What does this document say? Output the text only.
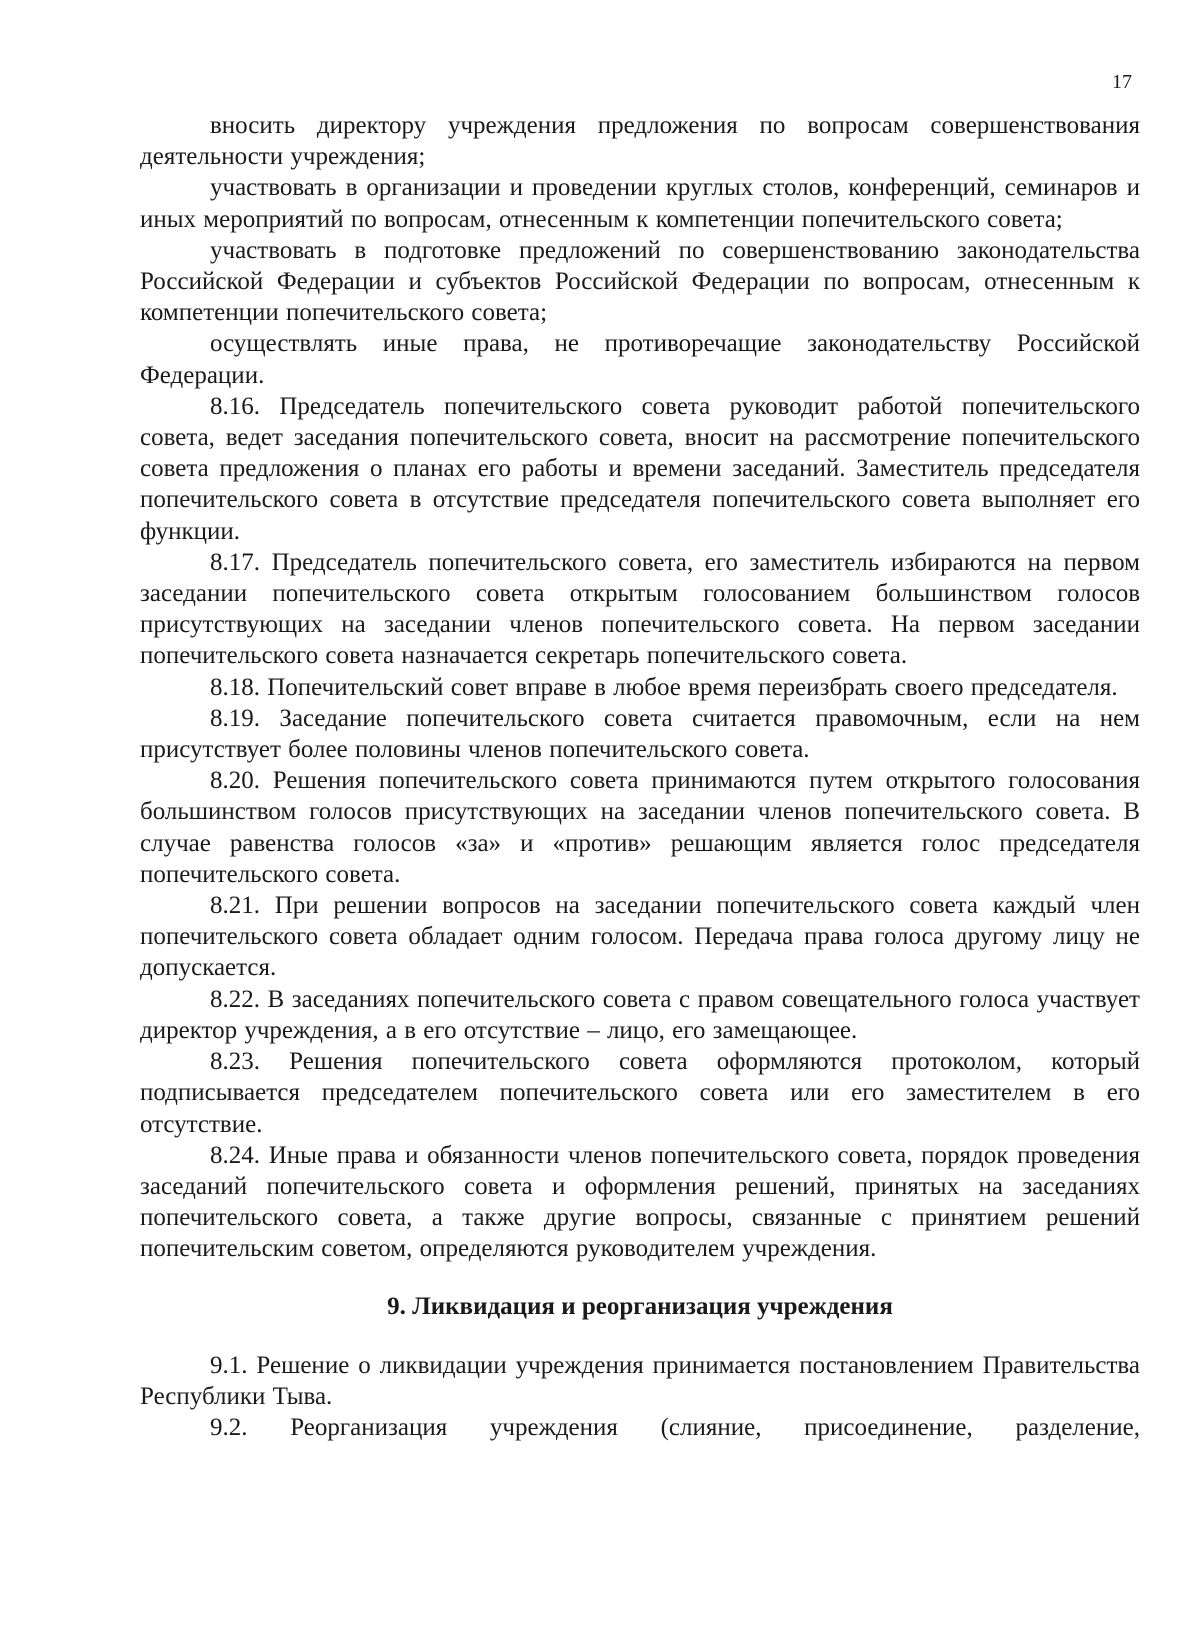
17

вносить директору учреждения предложения по вопросам совершенствования деятельности учреждения;

участвовать в организации и проведении круглых столов, конференций, семинаров и иных мероприятий по вопросам, отнесенным к компетенции попечительского совета;

участвовать в подготовке предложений по совершенствованию законодательства Российской Федерации и субъектов Российской Федерации по вопросам, отнесенным к компетенции попечительского совета;

осуществлять иные права, не противоречащие законодательству Российской Федерации.

8.16. Председатель попечительского совета руководит работой попечительского совета, ведет заседания попечительского совета, вносит на рассмотрение попечительского совета предложения о планах его работы и времени заседаний. Заместитель председателя попечительского совета в отсутствие председателя попечительского совета выполняет его функции.

8.17. Председатель попечительского совета, его заместитель избираются на первом заседании попечительского совета открытым голосованием большинством голосов присутствующих на заседании членов попечительского совета. На первом заседании попечительского совета назначается секретарь попечительского совета.

8.18. Попечительский совет вправе в любое время переизбрать своего председателя.

8.19. Заседание попечительского совета считается правомочным, если на нем присутствует более половины членов попечительского совета.

8.20. Решения попечительского совета принимаются путем открытого голосования большинством голосов присутствующих на заседании членов попечительского совета. В случае равенства голосов «за» и «против» решающим является голос председателя попечительского совета.

8.21. При решении вопросов на заседании попечительского совета каждый член попечительского совета обладает одним голосом. Передача права голоса другому лицу не допускается.

8.22. В заседаниях попечительского совета с правом совещательного голоса участвует директор учреждения, а в его отсутствие – лицо, его замещающее.

8.23. Решения попечительского совета оформляются протоколом, который подписывается председателем попечительского совета или его заместителем в его отсутствие.

8.24. Иные права и обязанности членов попечительского совета, порядок проведения заседаний попечительского совета и оформления решений, принятых на заседаниях попечительского совета, а также другие вопросы, связанные с принятием решений попечительским советом, определяются руководителем учреждения.

9. Ликвидация и реорганизация учреждения

9.1. Решение о ликвидации учреждения принимается постановлением Правительства Республики Тыва.

9.2. Реорганизация учреждения (слияние, присоединение, разделение,
